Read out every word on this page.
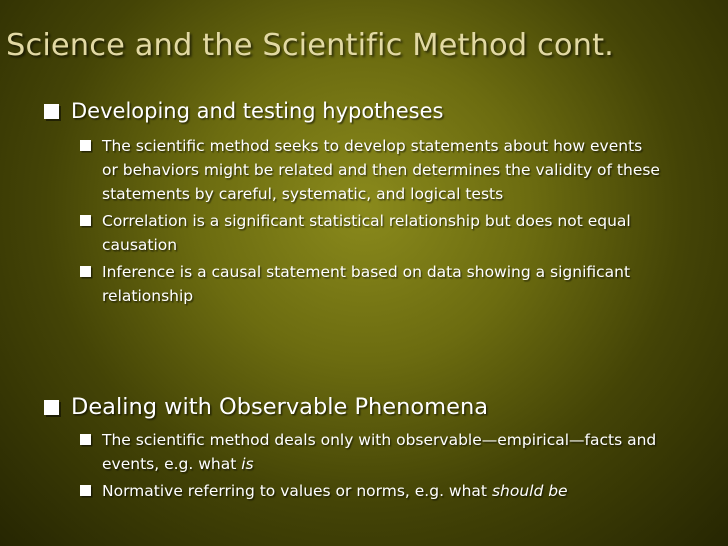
Science and the Scientific Method cont.
Developing and testing hypotheses
The scientific method seeks to develop statements about how events or behaviors might be related and then determines the validity of these statements by careful, systematic, and logical tests
Correlation is a significant statistical relationship but does not equal causation
Inference is a causal statement based on data showing a significant relationship
Dealing with Observable Phenomena
The scientific method deals only with observable—empirical—facts and events, e.g. what is
Normative referring to values or norms, e.g. what should be
